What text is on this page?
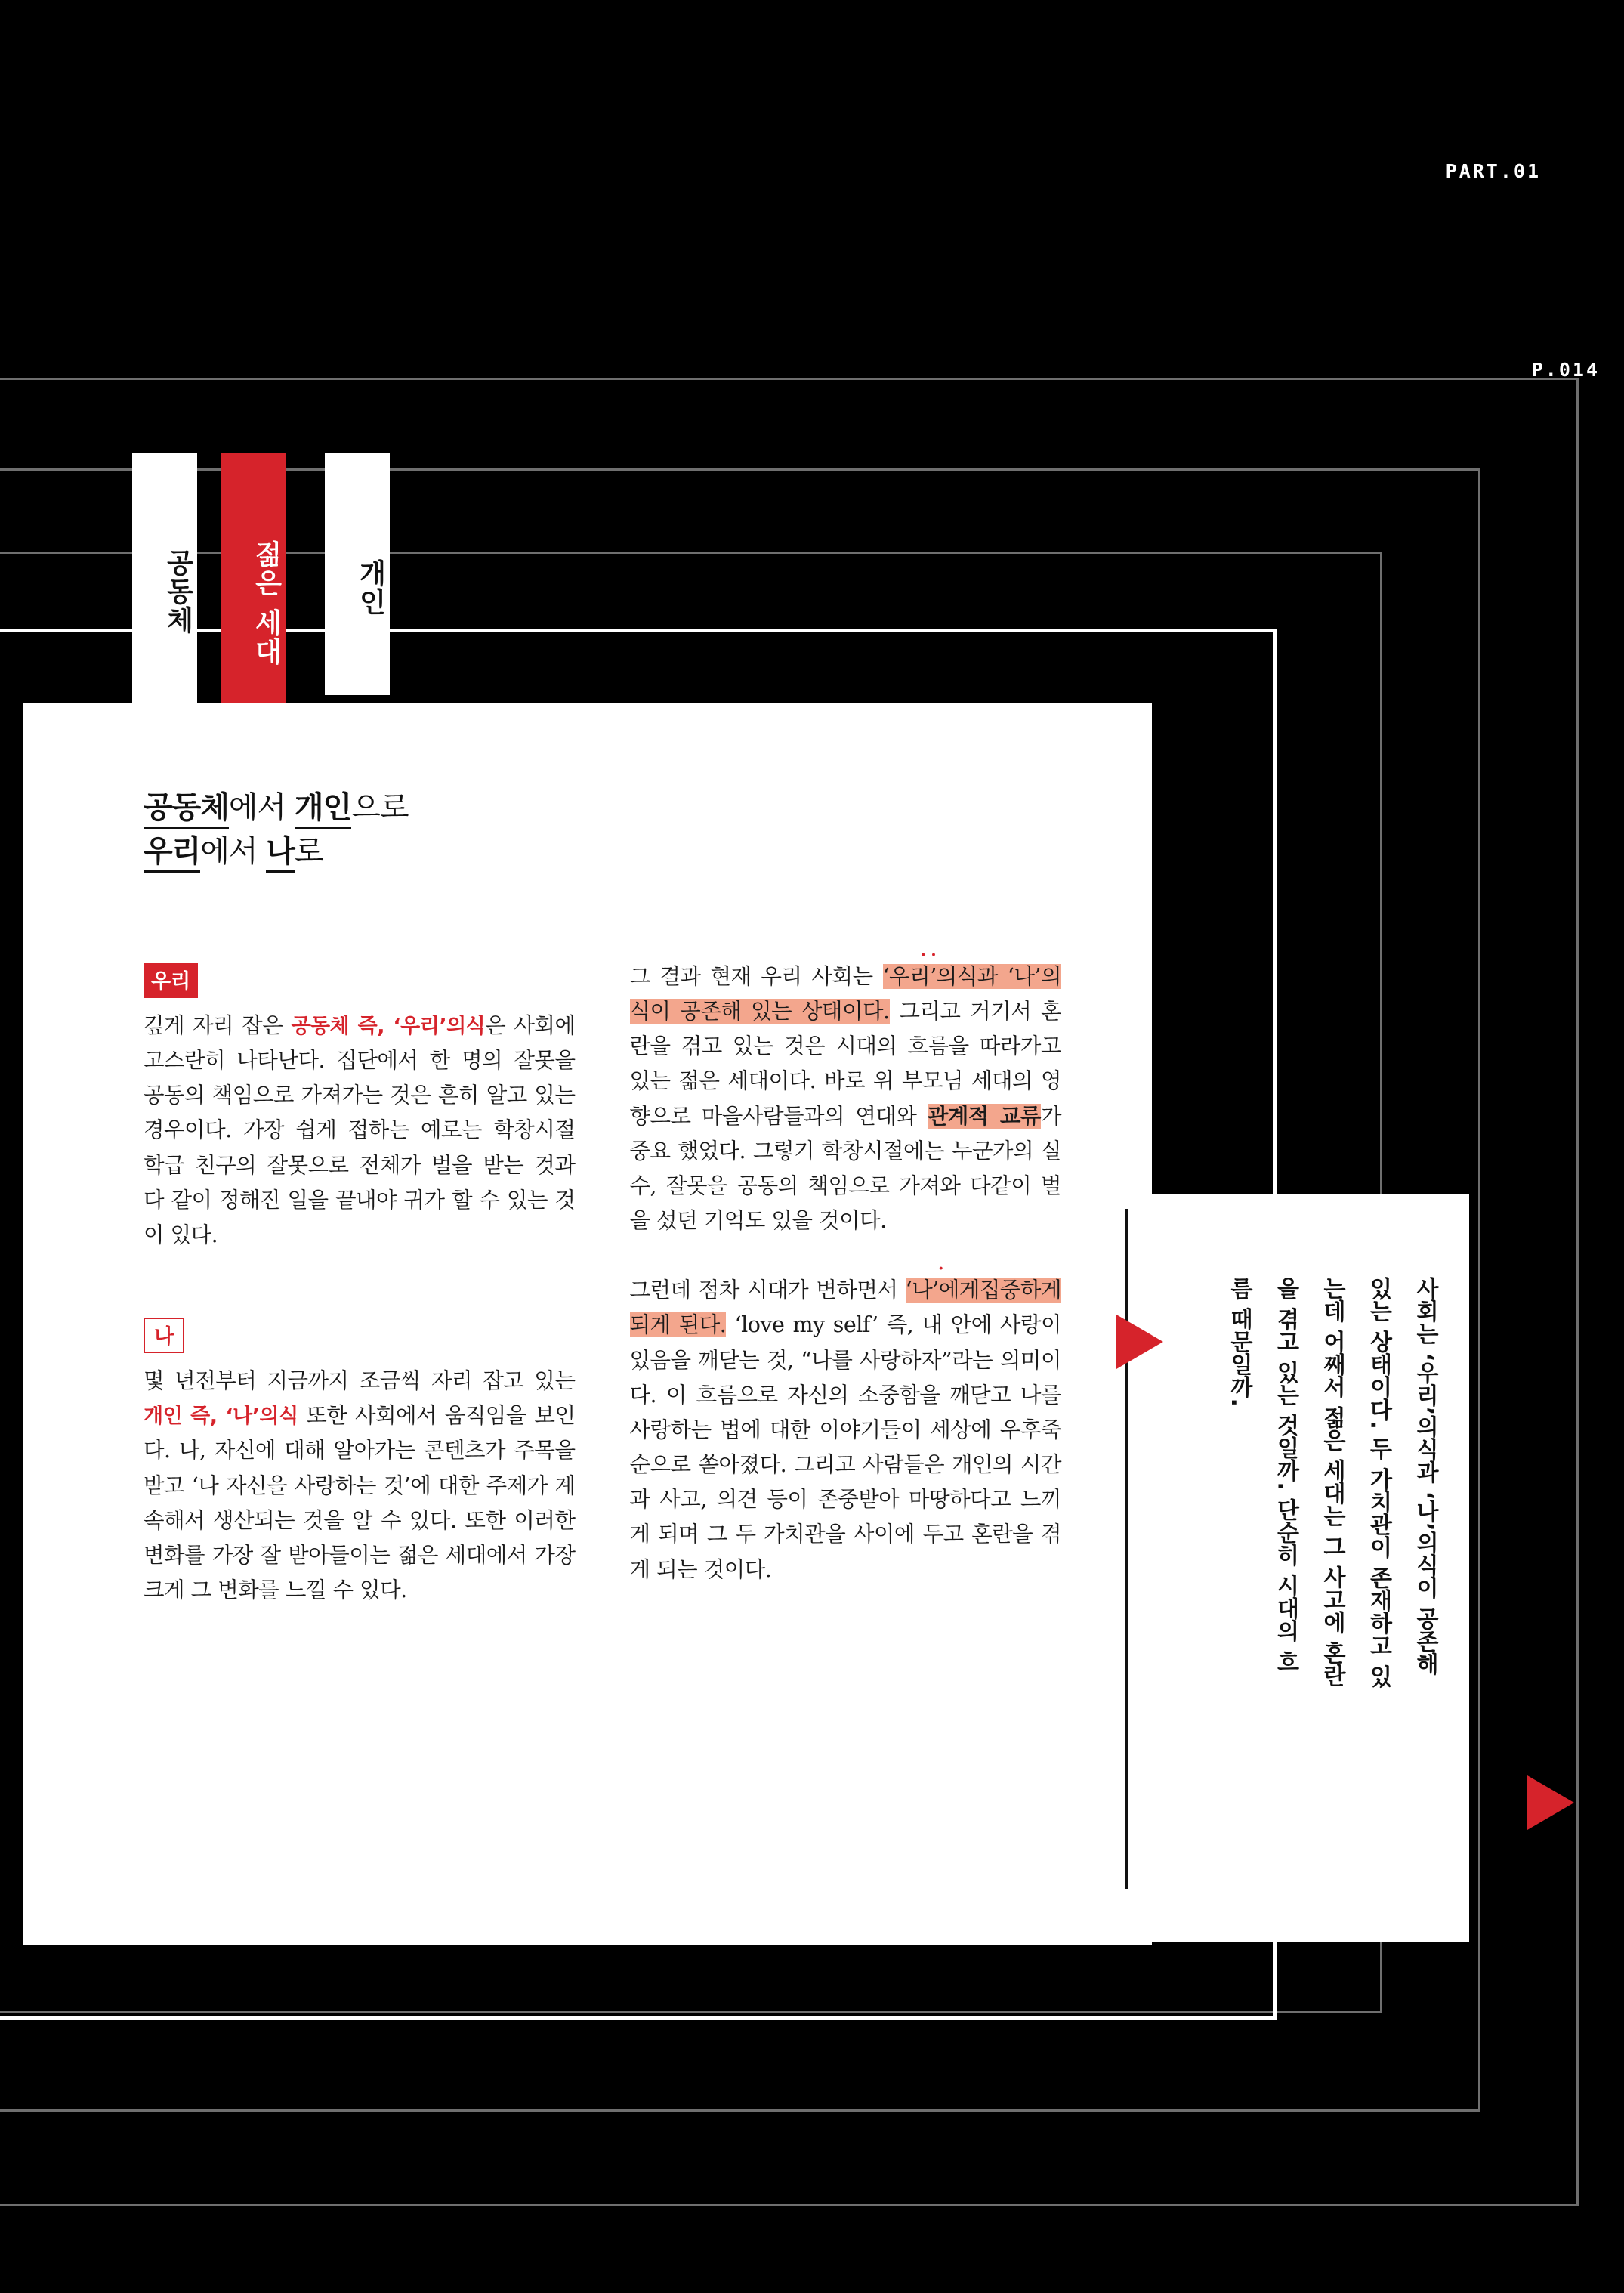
PART.01
P.014
공동체	젊은 세대	개인
공동체에서 개인으로
우리에서 나로
우리

깊게 자리 잡은 공동체 즉, ‘우리’의식은 사회에 고스란히 나타난다. 집단에서 한 명의 잘못을 공동의 책임으로 가져가는 것은 흔히 알고 있는 경우이다. 가장 쉽게 접하는 예로는 학창시절 학급 친구의 잘못으로 전체가 벌을 받는 것과 다 같이 정해진 일을 끝내야 귀가 할 수 있는 것이 있다.

나

몇 년전부터 지금까지 조금씩 자리 잡고 있는 개인 즉, ‘나’의식 또한 사회에서 움직임을 보인다. 나, 자신에 대해 알아가는 콘텐츠가 주목을 받고 ‘나 자신을 사랑하는 것’에 대한 주제가 계속해서 생산되는 것을 알 수 있다. 또한 이러한 변화를 가장 잘 받아들이는 젊은 세대에서 가장 크게 그 변화를 느낄 수 있다.

그 결과 현재 우리 사회는 ‘우리’의식 ··과 ‘나’의식이 공존해 있는 상태이다. 그리고 거기서 혼란을 겪고 있는 것은 시대의 흐름을 따라가고 있는 젊은 세대이다. 바로 위 부모님 세대의 영향으로 마을사람들과의 연대와 관계적 교류가 중요 했었다. 그렇기 학창시절에는 누군가의 실수, 잘못을 공동의 책임으로 가져와 다같이 벌을 섰던 기억도 있을 것이다.

그런데 점차 시대가 변하면서 ‘나’에게 ·집중하게 되게 된다. ‘love my self’ 즉, 내 안에 사랑이 있음을 깨닫는 것, “나를 사랑하자”라는 의미이다. 이 흐름으로 자신의 소중함을 깨닫고 나를 사랑하는 법에 대한 이야기들이 세상에 우후죽순으로 쏟아졌다. 그리고 사람들은 개인의 시간과 사고, 의견 등이 존중받아 마땅하다고 느끼게 되며 그 두 가치관을 사이에 두고 혼란을 겪게 되는 것이다.	사회는 ‘우리’의식과 ‘나’의식이 공존해
있는 상태이다. 두 가치관이 존재하고 있
는데 어째서 젊은 세대는 그 사고에 혼란
을 겪고 있는 것일까. 단순히 시대의 흐
름 때문일까.
